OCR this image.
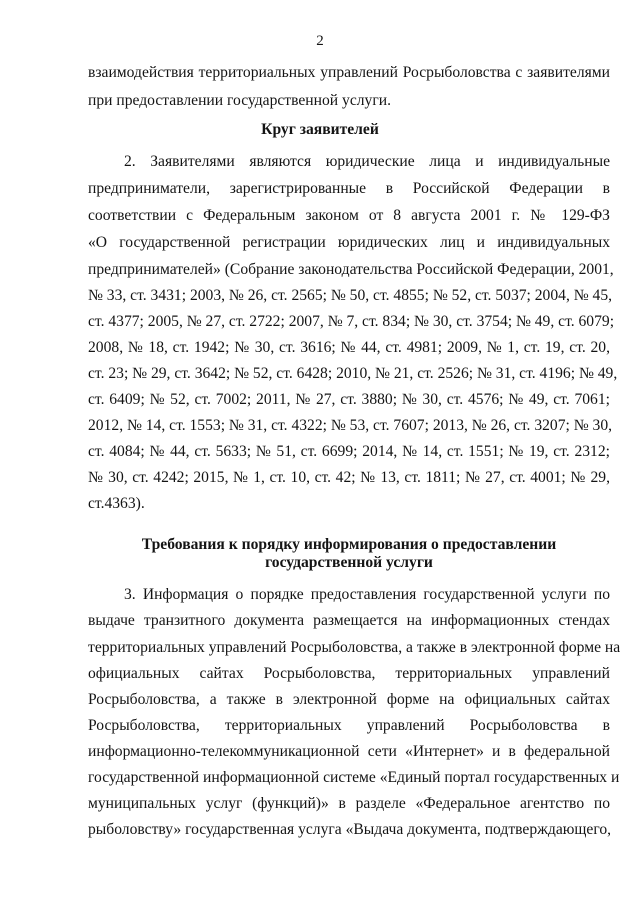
2
взаимодействия территориальных управлений Росрыболовства с заявителями
при предоставлении государственной услуги.
Круг заявителей
2. Заявителями являются юридические лица и индивидуальные
предприниматели, зарегистрированные в Российской Федерации в
соответствии с Федеральным законом от 8 августа 2001 г. № 129-ФЗ
«О государственной регистрации юридических лиц и индивидуальных
предпринимателей» (Собрание законодательства Российской Федерации, 2001,
№ 33, ст. 3431; 2003, № 26, ст. 2565; № 50, ст. 4855; № 52, ст. 5037; 2004, № 45,
ст. 4377; 2005, № 27, ст. 2722; 2007, № 7, ст. 834; № 30, ст. 3754; № 49, ст. 6079;
2008, № 18, ст. 1942; № 30, ст. 3616; № 44, ст. 4981; 2009, № 1, ст. 19, ст. 20,
ст. 23; № 29, ст. 3642; № 52, ст. 6428; 2010, № 21, ст. 2526; № 31, ст. 4196; № 49,
ст. 6409; № 52, ст. 7002; 2011, № 27, ст. 3880; № 30, ст. 4576; № 49, ст. 7061;
2012, № 14, ст. 1553; № 31, ст. 4322; № 53, ст. 7607; 2013, № 26, ст. 3207; № 30,
ст. 4084; № 44, ст. 5633; № 51, ст. 6699; 2014, № 14, ст. 1551; № 19, ст. 2312;
№ 30, ст. 4242; 2015, № 1, ст. 10, ст. 42; № 13, ст. 1811; № 27, ст. 4001; № 29,
ст.4363).
Требования к порядку информирования о предоставлении
государственной услуги
3. Информация о порядке предоставления государственной услуги по
выдаче транзитного документа размещается на информационных стендах
территориальных управлений Росрыболовства, а также в электронной форме на
официальных сайтах Росрыболовства, территориальных управлений
Росрыболовства, а также в электронной форме на официальных сайтах
Росрыболовства, территориальных управлений Росрыболовства в
информационно-телекоммуникационной сети «Интернет» и в федеральной
государственной информационной системе «Единый портал государственных и
муниципальных услуг (функций)» в разделе «Федеральное агентство по
рыболовству» государственная услуга «Выдача документа, подтверждающего,
